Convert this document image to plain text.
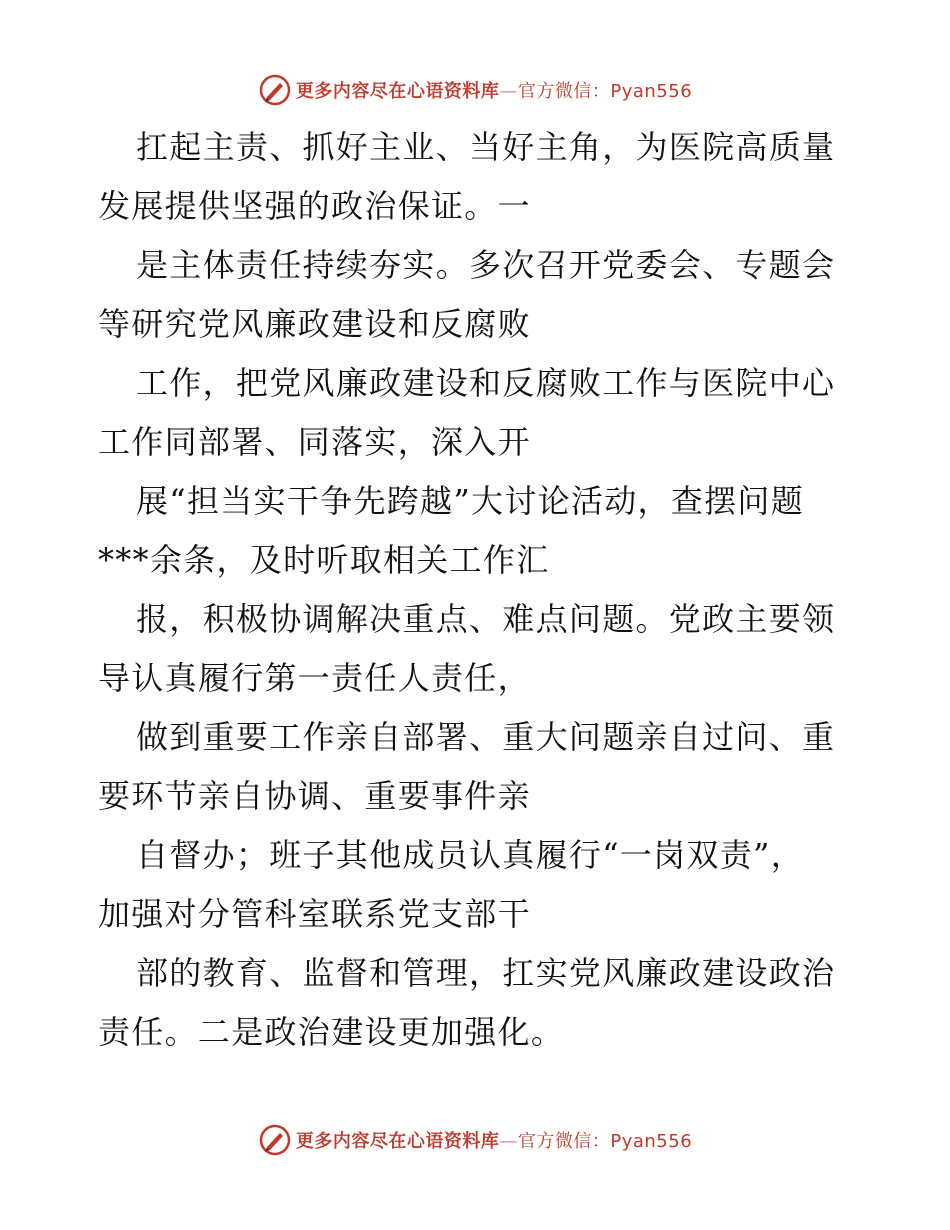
更多内容尽在心语资料库—官方微信：Pyan556
扛起主责、抓好主业、当好主角，为医院高质量
发展提供坚强的政治保证。一
是主体责任持续夯实。多次召开党委会、专题会
等研究党风廉政建设和反腐败
工作，把党风廉政建设和反腐败工作与医院中心
工作同部署、同落实，深入开
展“担当实干争先跨越”大讨论活动，查摆问题
***余条，及时听取相关工作汇
报，积极协调解决重点、难点问题。党政主要领
导认真履行第一责任人责任，
做到重要工作亲自部署、重大问题亲自过问、重
要环节亲自协调、重要事件亲
自督办；班子其他成员认真履行“一岗双责”，
加强对分管科室联系党支部干
部的教育、监督和管理，扛实党风廉政建设政治
责任。二是政治建设更加强化。
更多内容尽在心语资料库—官方微信：Pyan556
